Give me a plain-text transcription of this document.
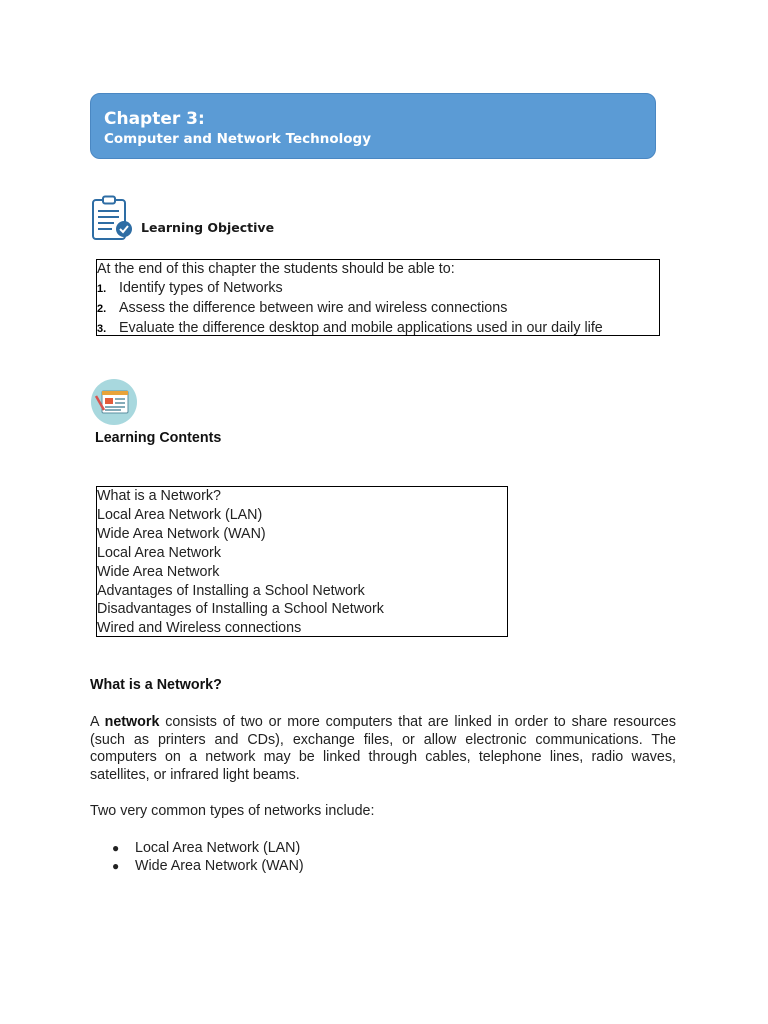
Chapter 3:
Computer and Network Technology
Learning Objective
At the end of this chapter the students should be able to:
1. Identify types of Networks
2. Assess the difference between wire and wireless connections
3. Evaluate the difference desktop and mobile applications used in our daily life
Learning Contents
What is a Network?
Local Area Network (LAN)
Wide Area Network (WAN)
Local Area Network
Wide Area Network
Advantages of Installing a School Network
Disadvantages of Installing a School Network
Wired and Wireless connections
What is a Network?
A network consists of two or more computers that are linked in order to share resources (such as printers and CDs), exchange files, or allow electronic communications. The computers on a network may be linked through cables, telephone lines, radio waves, satellites, or infrared light beams.
Two very common types of networks include:
● Local Area Network (LAN)
● Wide Area Network (WAN)
